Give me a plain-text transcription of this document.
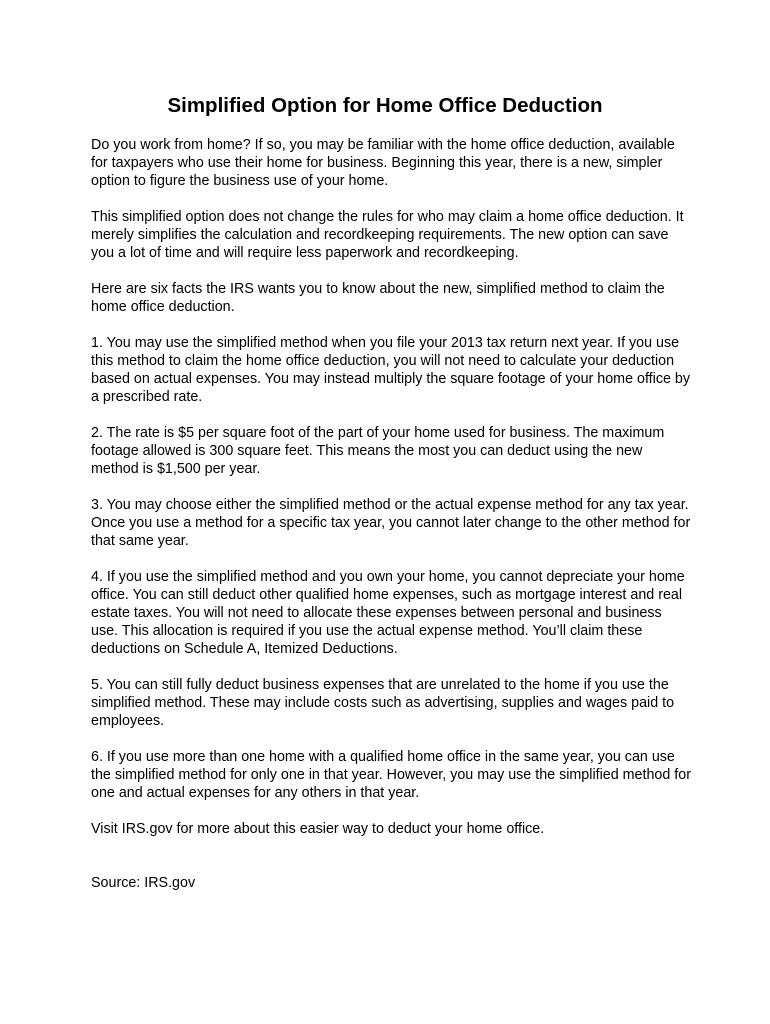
Simplified Option for Home Office Deduction

Do you work from home? If so, you may be familiar with the home office deduction, available for taxpayers who use their home for business. Beginning this year, there is a new, simpler option to figure the business use of your home.

This simplified option does not change the rules for who may claim a home office deduction. It merely simplifies the calculation and recordkeeping requirements. The new option can save you a lot of time and will require less paperwork and recordkeeping.

Here are six facts the IRS wants you to know about the new, simplified method to claim the home office deduction.

1. You may use the simplified method when you file your 2013 tax return next year. If you use this method to claim the home office deduction, you will not need to calculate your deduction based on actual expenses. You may instead multiply the square footage of your home office by a prescribed rate.

2. The rate is $5 per square foot of the part of your home used for business. The maximum footage allowed is 300 square feet. This means the most you can deduct using the new method is $1,500 per year.

3. You may choose either the simplified method or the actual expense method for any tax year. Once you use a method for a specific tax year, you cannot later change to the other method for that same year.

4. If you use the simplified method and you own your home, you cannot depreciate your home office. You can still deduct other qualified home expenses, such as mortgage interest and real estate taxes. You will not need to allocate these expenses between personal and business use. This allocation is required if you use the actual expense method. You’ll claim these deductions on Schedule A, Itemized Deductions.

5. You can still fully deduct business expenses that are unrelated to the home if you use the simplified method. These may include costs such as advertising, supplies and wages paid to employees.

6. If you use more than one home with a qualified home office in the same year, you can use the simplified method for only one in that year. However, you may use the simplified method for one and actual expenses for any others in that year.

Visit IRS.gov for more about this easier way to deduct your home office.

Source: IRS.gov
